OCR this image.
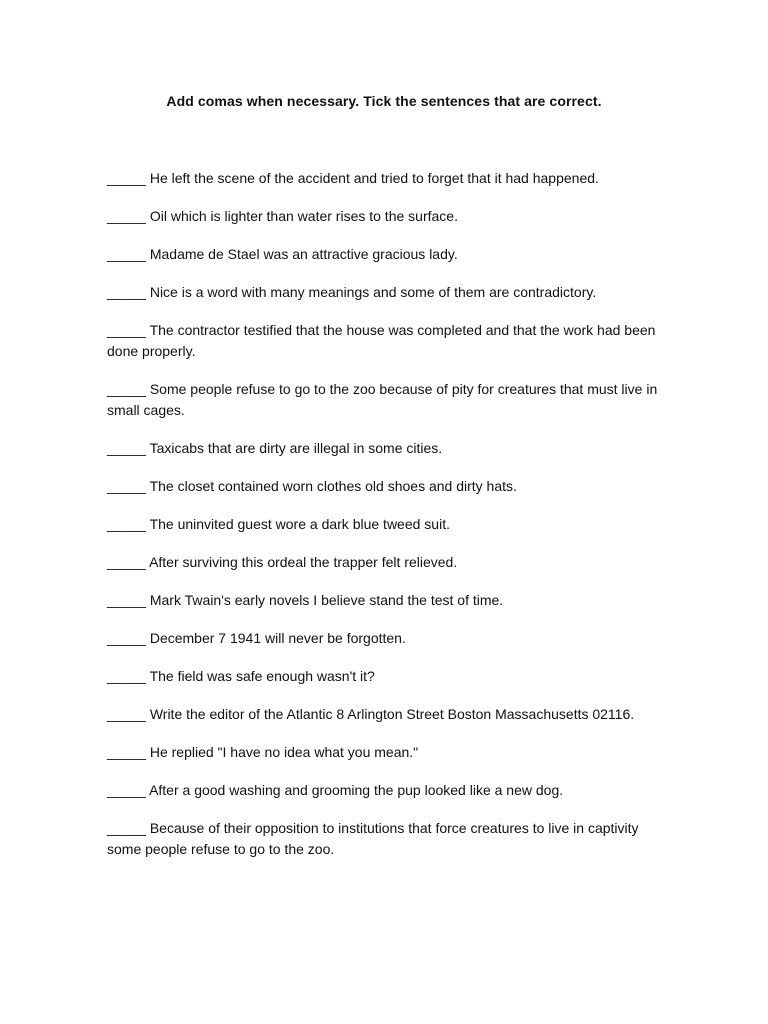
Add comas when necessary. Tick the sentences that are correct.
_____ He left the scene of the accident and tried to forget that it had happened.
_____ Oil which is lighter than water rises to the surface.
_____ Madame de Stael was an attractive gracious lady.
_____ Nice is a word with many meanings and some of them are contradictory.
_____ The contractor testified that the house was completed and that the work had been done properly.
_____ Some people refuse to go to the zoo because of pity for creatures that must live in small cages.
_____ Taxicabs that are dirty are illegal in some cities.
_____ The closet contained worn clothes old shoes and dirty hats.
_____ The uninvited guest wore a dark blue tweed suit.
_____ After surviving this ordeal the trapper felt relieved.
_____ Mark Twain's early novels I believe stand the test of time.
_____ December 7 1941 will never be forgotten.
_____ The field was safe enough wasn't it?
_____ Write the editor of the Atlantic 8 Arlington Street Boston Massachusetts 02116.
_____ He replied "I have no idea what you mean."
_____ After a good washing and grooming the pup looked like a new dog.
_____ Because of their opposition to institutions that force creatures to live in captivity some people refuse to go to the zoo.
